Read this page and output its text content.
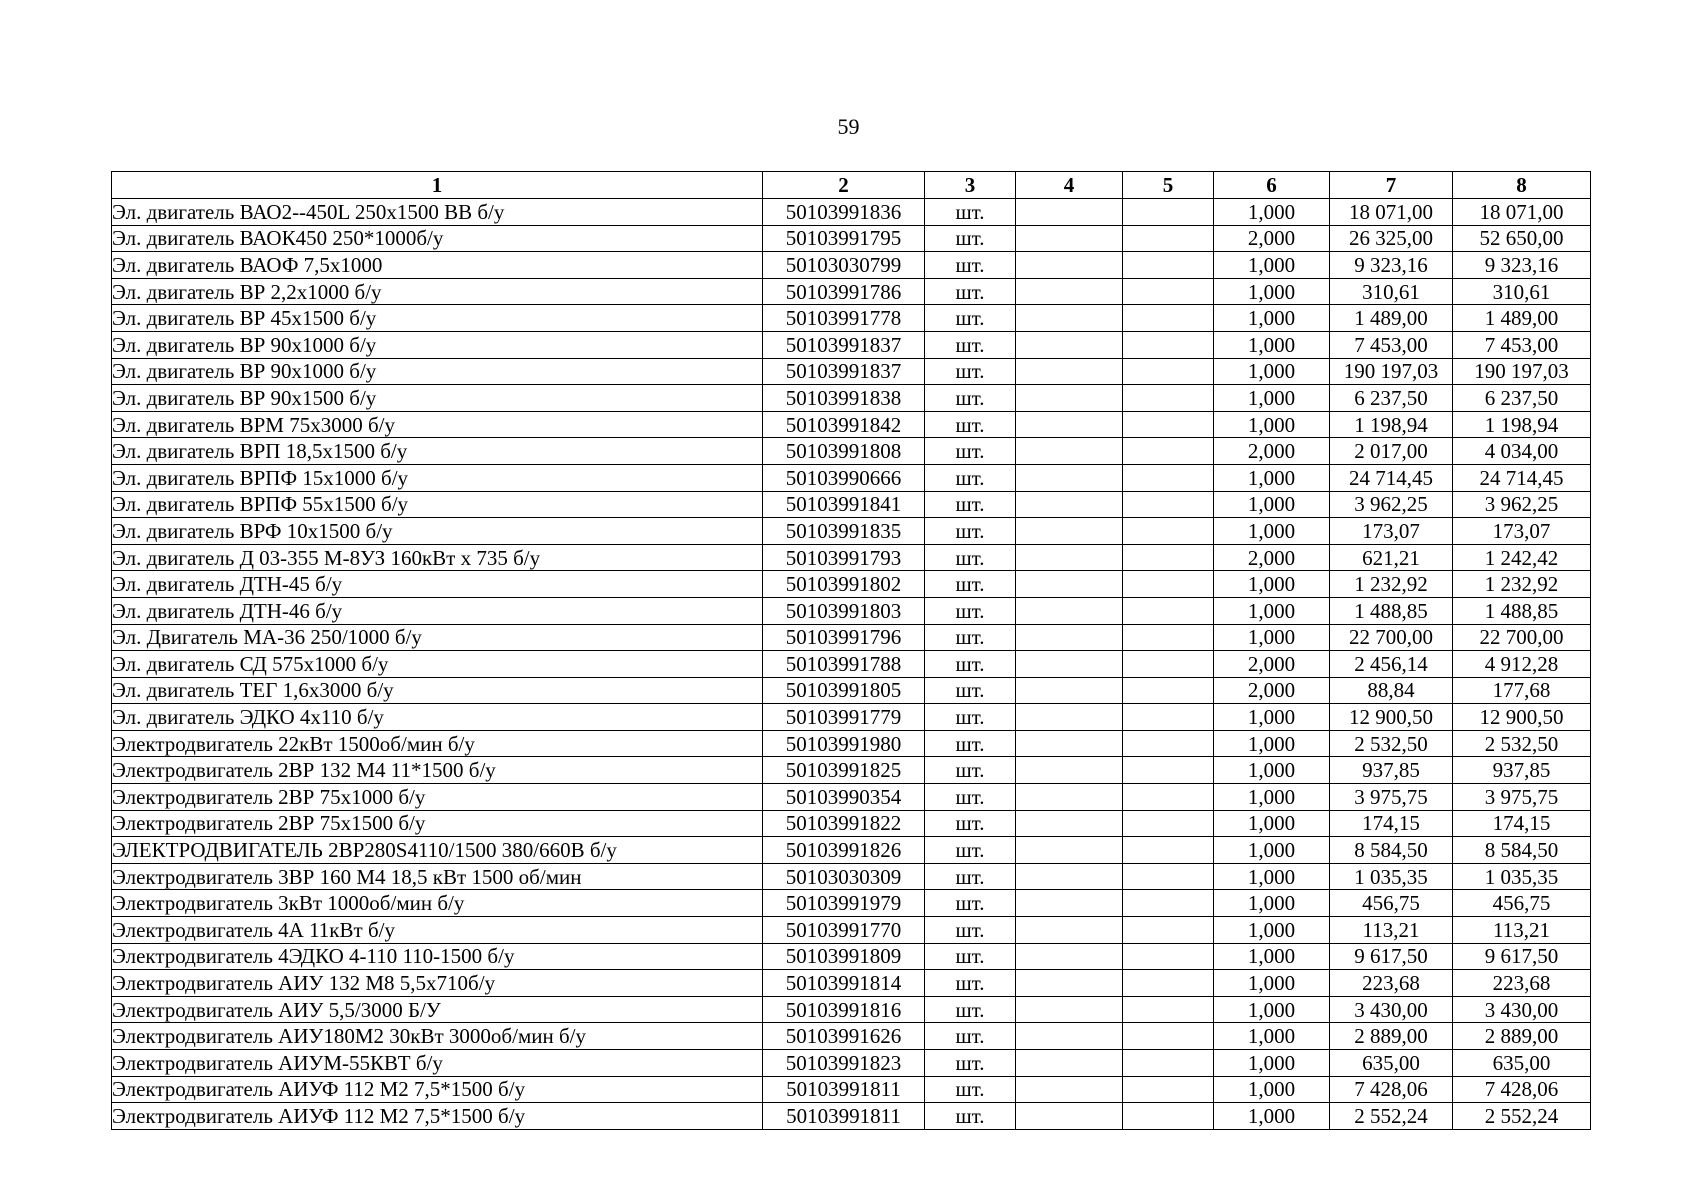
59
1	2	3	4	5	6	7	8
Эл. двигатель ВАО2--450L 250х1500 ВВ б/у	50103991836	шт.			1,000	18 071,00	18 071,00
Эл. двигатель ВАОК450 250*1000б/у	50103991795	шт.			2,000	26 325,00	52 650,00
Эл. двигатель ВАОФ 7,5х1000	50103030799	шт.			1,000	9 323,16	9 323,16
Эл. двигатель ВР 2,2х1000 б/у	50103991786	шт.			1,000	310,61	310,61
Эл. двигатель ВР 45х1500 б/у	50103991778	шт.			1,000	1 489,00	1 489,00
Эл. двигатель ВР 90х1000 б/у	50103991837	шт.			1,000	7 453,00	7 453,00
Эл. двигатель ВР 90х1000 б/у	50103991837	шт.			1,000	190 197,03	190 197,03
Эл. двигатель ВР 90х1500 б/у	50103991838	шт.			1,000	6 237,50	6 237,50
Эл. двигатель ВРМ 75х3000 б/у	50103991842	шт.			1,000	1 198,94	1 198,94
Эл. двигатель ВРП 18,5х1500 б/у	50103991808	шт.			2,000	2 017,00	4 034,00
Эл. двигатель ВРПФ 15х1000 б/у	50103990666	шт.			1,000	24 714,45	24 714,45
Эл. двигатель ВРПФ 55х1500 б/у	50103991841	шт.			1,000	3 962,25	3 962,25
Эл. двигатель ВРФ 10х1500 б/у	50103991835	шт.			1,000	173,07	173,07
Эл. двигатель Д 03-355 М-8УЗ 160кВт х 735 б/у	50103991793	шт.			2,000	621,21	1 242,42
Эл. двигатель ДТН-45 б/у	50103991802	шт.			1,000	1 232,92	1 232,92
Эл. двигатель ДТН-46 б/у	50103991803	шт.			1,000	1 488,85	1 488,85
Эл. Двигатель МА-36 250/1000 б/у	50103991796	шт.			1,000	22 700,00	22 700,00
Эл. двигатель СД 575х1000 б/у	50103991788	шт.			2,000	2 456,14	4 912,28
Эл. двигатель ТЕГ 1,6х3000 б/у	50103991805	шт.			2,000	88,84	177,68
Эл. двигатель ЭДКО 4х110 б/у	50103991779	шт.			1,000	12 900,50	12 900,50
Электродвигатель 22кВт 1500об/мин б/у	50103991980	шт.			1,000	2 532,50	2 532,50
Электродвигатель 2ВР 132 М4 11*1500 б/у	50103991825	шт.			1,000	937,85	937,85
Электродвигатель 2ВР 75х1000 б/у	50103990354	шт.			1,000	3 975,75	3 975,75
Электродвигатель 2ВР 75х1500 б/у	50103991822	шт.			1,000	174,15	174,15
ЭЛЕКТРОДВИГАТЕЛЬ 2ВР280S4110/1500 380/660В б/у	50103991826	шт.			1,000	8 584,50	8 584,50
Электродвигатель 3ВР 160 М4 18,5 кВт 1500 об/мин	50103030309	шт.			1,000	1 035,35	1 035,35
Электродвигатель 3кВт 1000об/мин б/у	50103991979	шт.			1,000	456,75	456,75
Электродвигатель 4А 11кВт б/у	50103991770	шт.			1,000	113,21	113,21
Электродвигатель 4ЭДКО 4-110 110-1500 б/у	50103991809	шт.			1,000	9 617,50	9 617,50
Электродвигатель АИУ 132 М8 5,5х710б/у	50103991814	шт.			1,000	223,68	223,68
Электродвигатель АИУ 5,5/3000 Б/У	50103991816	шт.			1,000	3 430,00	3 430,00
Электродвигатель АИУ180М2 30кВт 3000об/мин б/у	50103991626	шт.			1,000	2 889,00	2 889,00
Электродвигатель АИУМ-55КВТ б/у	50103991823	шт.			1,000	635,00	635,00
Электродвигатель АИУФ 112 М2 7,5*1500 б/у	50103991811	шт.			1,000	7 428,06	7 428,06
Электродвигатель АИУФ 112 М2 7,5*1500 б/у	50103991811	шт.			1,000	2 552,24	2 552,24
